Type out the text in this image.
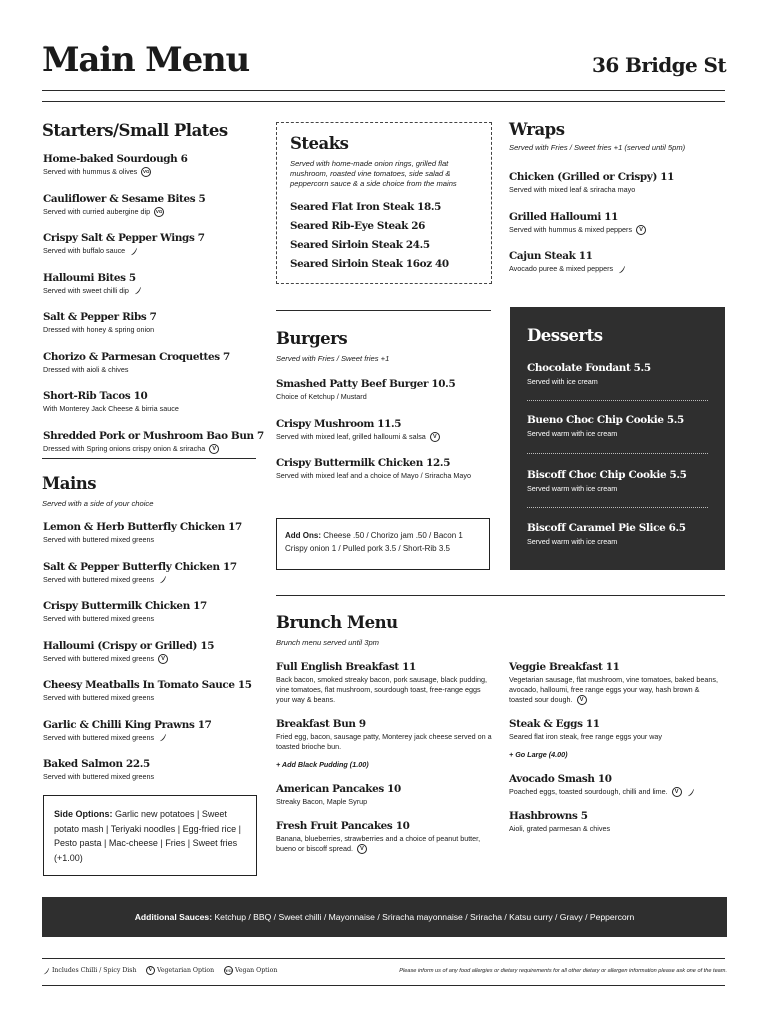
Main Menu	36 Bridge St
Starters/Small Plates
Home-baked Sourdough 6
Served with hummus & olives VG
Cauliflower & Sesame Bites 5
Served with curried aubergine dip VG
Crispy Salt & Pepper Wings 7
Served with buffalo sauce
Halloumi Bites 5
Served with sweet chilli dip
Salt & Pepper Ribs 7
Dressed with honey & spring onion
Chorizo & Parmesan Croquettes 7
Dressed with aioli & chives
Short-Rib Tacos 10
With Monterey Jack Cheese & birria sauce
Shredded Pork or Mushroom Bao Bun 7
Dressed with Spring onions crispy onion & sriracha V
Mains
Served with a side of your choice
Lemon & Herb Butterfly Chicken 17
Served with buttered mixed greens
Salt & Pepper Butterfly Chicken 17
Served with buttered mixed greens
Crispy Buttermilk Chicken 17
Served with buttered mixed greens
Halloumi (Crispy or Grilled) 15
Served with buttered mixed greens V
Cheesy Meatballs In Tomato Sauce 15
Served with buttered mixed greens
Garlic & Chilli King Prawns 17
Served with buttered mixed greens
Baked Salmon 22.5
Served with buttered mixed greens
Side Options: Garlic new potatoes | Sweet potato mash | Teriyaki noodles | Egg-fried rice | Pesto pasta | Mac-cheese | Fries | Sweet fries (+1.00)
Steaks
Served with home-made onion rings, grilled flat mushroom, roasted vine tomatoes, side salad & peppercorn sauce & a side choice from the mains
Seared Flat Iron Steak 18.5
Seared Rib-Eye Steak 26
Seared Sirloin Steak 24.5
Seared Sirloin Steak 16oz 40
Burgers
Served with Fries / Sweet fries +1
Smashed Patty Beef Burger 10.5
Choice of Ketchup / Mustard
Crispy Mushroom 11.5
Served with mixed leaf, grilled halloumi & salsa V
Crispy Buttermilk Chicken 12.5
Served with mixed leaf and a choice of Mayo / Sriracha Mayo
Add Ons: Cheese .50 / Chorizo jam .50 / Bacon 1 Crispy onion 1 / Pulled pork 3.5 / Short-Rib 3.5
Wraps
Served with Fries / Sweet fries +1 (served until 5pm)
Chicken (Grilled or Crispy) 11
Served with mixed leaf & sriracha mayo
Grilled Halloumi 11
Served with hummus & mixed peppers V
Cajun Steak 11
Avocado puree & mixed peppers
Desserts
Chocolate Fondant 5.5
Served with ice cream
Bueno Choc Chip Cookie 5.5
Served warm with ice cream
Biscoff Choc Chip Cookie 5.5
Served warm with ice cream
Biscoff Caramel Pie Slice 6.5
Served warm with ice cream
Brunch Menu
Brunch menu served until 3pm
Full English Breakfast 11
Back bacon, smoked streaky bacon, pork sausage, black pudding, vine tomatoes, flat mushroom, sourdough toast, free-range eggs your way & beans.
Breakfast Bun 9
Fried egg, bacon, sausage patty, Monterey jack cheese served on a toasted brioche bun.
+ Add Black Pudding (1.00)
American Pancakes 10
Streaky Bacon, Maple Syrup
Fresh Fruit Pancakes 10
Banana, blueberries, strawberries and a choice of peanut butter, bueno or biscoff spread. V
Veggie Breakfast 11
Vegetarian sausage, flat mushroom, vine tomatoes, baked beans, avocado, halloumi, free range eggs your way, hash brown & toasted sour dough. V
Steak & Eggs 11
Seared flat iron steak, free range eggs your way
+ Go Large (4.00)
Avocado Smash 10
Poached eggs, toasted sourdough, chilli and lime. V
Hashbrowns 5
Aioli, grated parmesan & chives
Additional Sauces: Ketchup / BBQ / Sweet chilli / Mayonnaise / Sriracha mayonnaise / Sriracha / Katsu curry / Gravy / Peppercorn
Includes Chilli / Spicy Dish	V Vegetarian Option	VG Vegan Option	Please inform us of any food allergies or dietary requirements for all other dietary or allergen information please ask one of the team.
